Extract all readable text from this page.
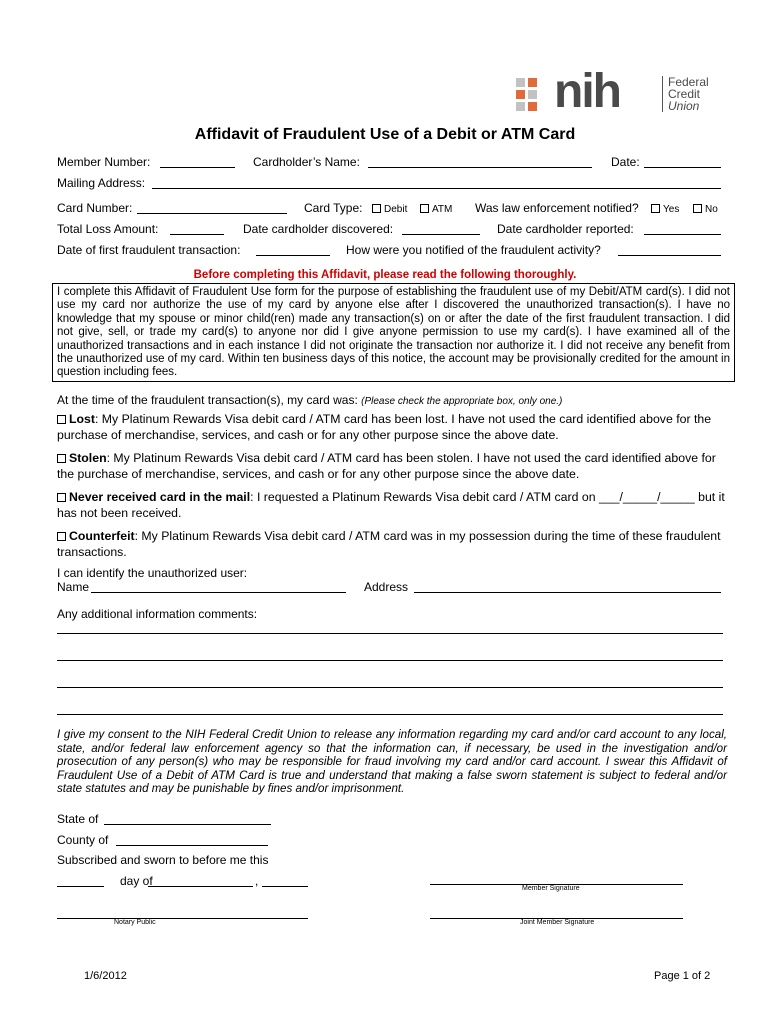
nih	Federal
Credit
Union
Affidavit of Fraudulent Use of a Debit or ATM Card
Member Number:	Cardholder’s Name:	Date:
Mailing Address:
Card Number:	Card Type:	Debit	ATM Was law enforcement notified?	Yes	No
Total Loss Amount:	Date cardholder discovered:	Date cardholder reported:
Date of first fraudulent transaction:	How were you notified of the fraudulent activity?
Before completing this Affidavit, please read the following thoroughly.
I complete this Affidavit of Fraudulent Use form for the purpose of establishing the fraudulent use of my Debit/ATM card(s). I did not use my card nor authorize the use of my card by anyone else after I discovered the unauthorized transaction(s). I have no knowledge that my spouse or minor child(ren) made any transaction(s) on or after the date of the first fraudulent transaction. I did not give, sell, or trade my card(s) to anyone nor did I give anyone permission to use my card(s). I have examined all of the unauthorized transactions and in each instance I did not originate the transaction nor authorize it. I did not receive any benefit from the unauthorized use of my card. Within ten business days of this notice, the account may be provisionally credited for the amount in question including fees.
At the time of the fraudulent transaction(s), my card was: (Please check the appropriate box, only one.)
Lost: My Platinum Rewards Visa debit card / ATM card has been lost. I have not used the card identified above for the purchase of merchandise, services, and cash or for any other purpose since the above date.
Stolen: My Platinum Rewards Visa debit card / ATM card has been stolen. I have not used the card identified above for the purchase of merchandise, services, and cash or for any other purpose since the above date.
Never received card in the mail: I requested a Platinum Rewards Visa debit card / ATM card on ___/_____/_____ but it has not been received.
Counterfeit: My Platinum Rewards Visa debit card / ATM card was in my possession during the time of these fraudulent transactions.
I can identify the unauthorized user:
Name	Address
Any additional information comments:
I give my consent to the NIH Federal Credit Union to release any information regarding my card and/or card account to any local, state, and/or federal law enforcement agency so that the information can, if necessary, be used in the investigation and/or prosecution of any person(s) who may be responsible for fraud involving my card and/or card account. I swear this Affidavit of Fraudulent Use of a Debit of ATM Card is true and understand that making a false sworn statement is subject to federal and/or state statutes and may be punishable by fines and/or imprisonment.
State of
County of
Subscribed and sworn to before me this
day of	,
Member Signature
Notary Public	Joint Member Signature
1/6/2012	Page 1 of 2
